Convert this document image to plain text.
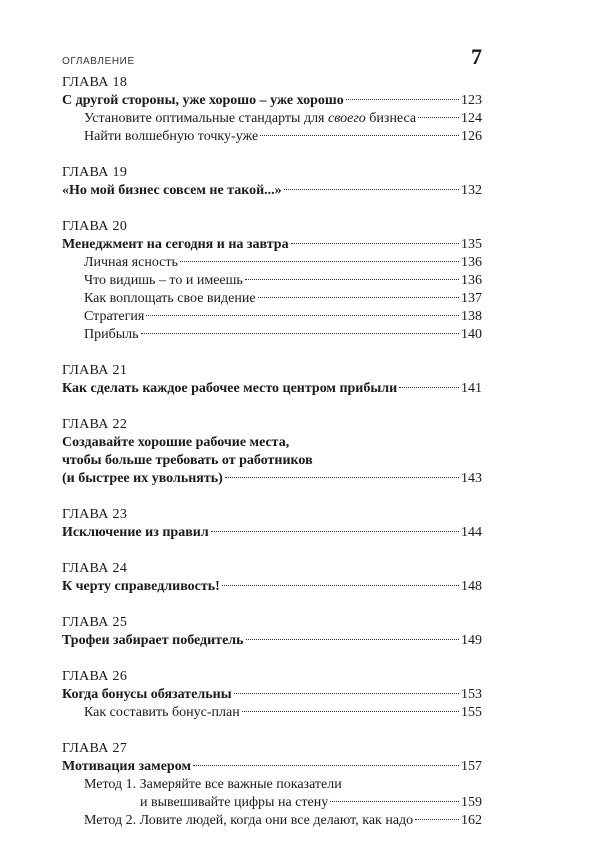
ОГЛАВЛЕНИЕ	7
ГЛАВА 18
С другой стороны, уже хорошо – уже хорошо	123
Установите оптимальные стандарты для своего бизнеса	124
Найти волшебную точку-уже	126
ГЛАВА 19
«Но мой бизнес совсем не такой...»	132
ГЛАВА 20
Менеджмент на сегодня и на завтра	135
Личная ясность	136
Что видишь – то и имеешь	136
Как воплощать свое видение	137
Стратегия	138
Прибыль	140
ГЛАВА 21
Как сделать каждое рабочее место центром прибыли	141
ГЛАВА 22
Создавайте хорошие рабочие места,
чтобы больше требовать от работников
(и быстрее их увольнять)	143
ГЛАВА 23
Исключение из правил	144
ГЛАВА 24
К черту справедливость!	148
ГЛАВА 25
Трофеи забирает победитель	149
ГЛАВА 26
Когда бонусы обязательны	153
Как составить бонус-план	155
ГЛАВА 27
Мотивация замером	157
Метод 1. Замеряйте все важные показатели
и вывешивайте цифры на стену	159
Метод 2. Ловите людей, когда они все делают, как надо	162
